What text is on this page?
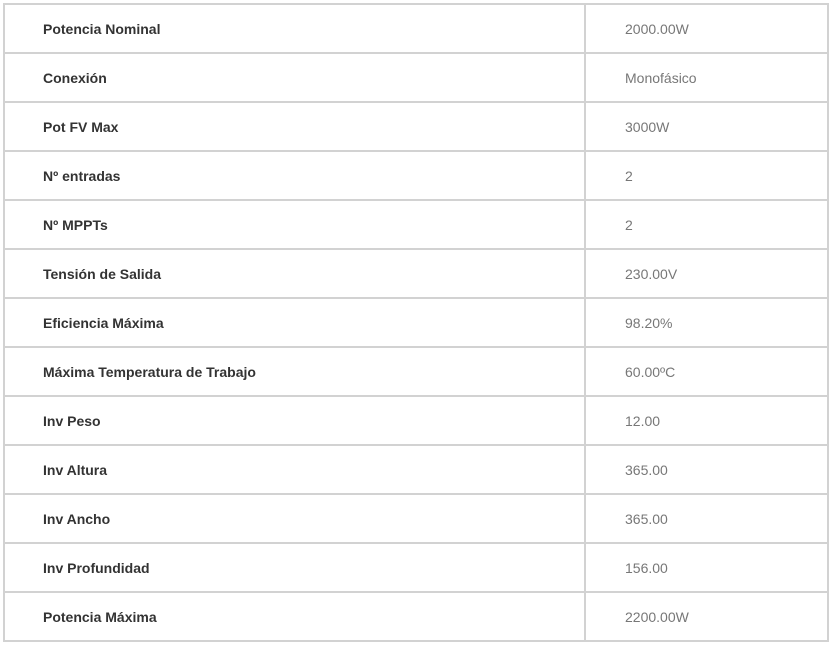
Potencia Nominal	2000.00W
Conexión	Monofásico
Pot FV Max	3000W
Nº entradas	2
Nº MPPTs	2
Tensión de Salida	230.00V
Eficiencia Máxima	98.20%
Máxima Temperatura de Trabajo	60.00ºC
Inv Peso	12.00
Inv Altura	365.00
Inv Ancho	365.00
Inv Profundidad	156.00
Potencia Máxima	2200.00W
